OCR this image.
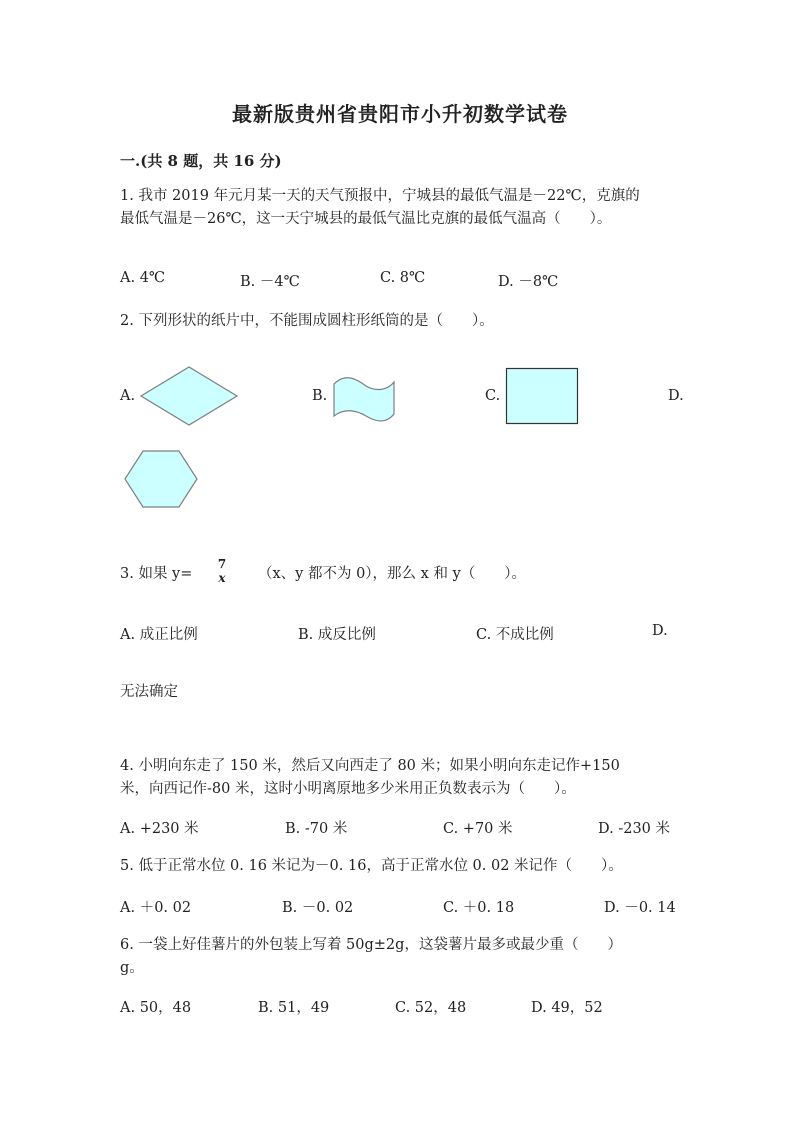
最新版贵州省贵阳市小升初数学试卷
一.(共 8 题，共 16 分)
1. 我市 2019 年元月某一天的天气预报中，宁城县的最低气温是－22℃，克旗的
最低气温是－26℃，这一天宁城县的最低气温比克旗的最低气温高（　　）。
A. 4℃	B. －4℃	C. 8℃	D. －8℃
2. 下列形状的纸片中，不能围成圆柱形纸筒的是（　　）。
A.	B.	C.	D.
3. 如果 y=
7
x	（x、y 都不为 0），那么 x 和 y（　　）。
A. 成正比例	B. 成反比例	C. 不成比例	D.
无法确定
4. 小明向东走了 150 米，然后又向西走了 80 米；如果小明向东走记作+150
米，向西记作-80 米，这时小明离原地多少米用正负数表示为（　　）。
A. +230 米	B. -70 米	C. +70 米	D. -230 米
5. 低于正常水位 0. 16 米记为－0. 16，高于正常水位 0. 02 米记作（　　）。
A. ＋0. 02	B. －0. 02	C. ＋0. 18	D. －0. 14
6. 一袋上好佳薯片的外包装上写着 50g±2g，这袋薯片最多或最少重（　　）
g。
A. 50，48	B. 51，49	C. 52，48	D. 49，52
